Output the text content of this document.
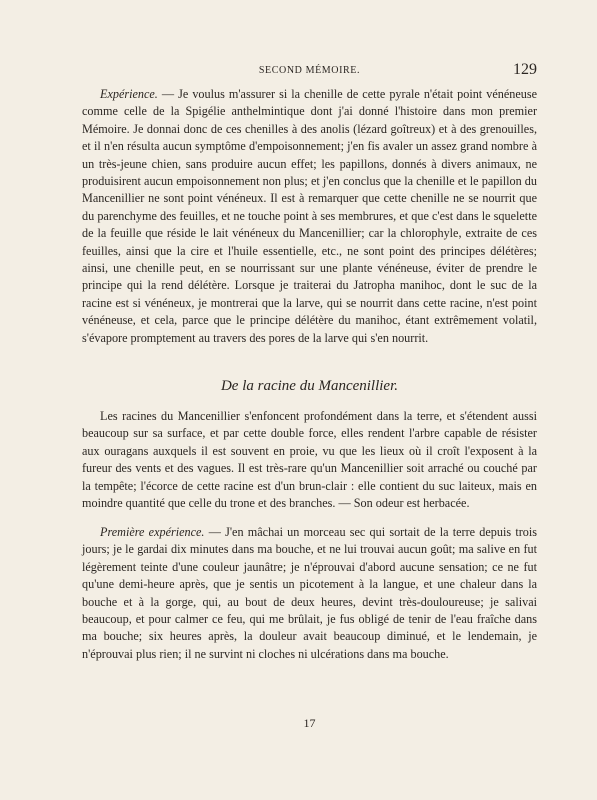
SECOND MÉMOIRE.	129

Expérience. — Je voulus m'assurer si la chenille de cette pyrale n'était point vénéneuse comme celle de la Spigélie anthelmintique dont j'ai donné l'histoire dans mon premier Mémoire. Je donnai donc de ces chenilles à des anolis (lézard goîtreux) et à des grenouilles, et il n'en résulta aucun symptôme d'empoisonnement; j'en fis avaler un assez grand nombre à un très-jeune chien, sans produire aucun effet; les papillons, donnés à divers animaux, ne produisirent aucun empoisonnement non plus; et j'en conclus que la chenille et le papillon du Mancenillier ne sont point vénéneux. Il est à remarquer que cette chenille ne se nourrit que du parenchyme des feuilles, et ne touche point à ses membrures, et que c'est dans le squelette de la feuille que réside le lait vénéneux du Mancenillier; car la chlorophyle, extraite de ces feuilles, ainsi que la cire et l'huile essentielle, etc., ne sont point des principes délétères; ainsi, une chenille peut, en se nourrissant sur une plante vénéneuse, éviter de prendre le principe qui la rend délétère. Lorsque je traiterai du Jatropha manihoc, dont le suc de la racine est si vénéneux, je montrerai que la larve, qui se nourrit dans cette racine, n'est point vénéneuse, et cela, parce que le principe délétère du manihoc, étant extrêmement volatil, s'évapore promptement au travers des pores de la larve qui s'en nourrit.

De la racine du Mancenillier.

Les racines du Mancenillier s'enfoncent profondément dans la terre, et s'étendent aussi beaucoup sur sa surface, et par cette double force, elles rendent l'arbre capable de résister aux ouragans auxquels il est souvent en proie, vu que les lieux où il croît l'exposent à la fureur des vents et des vagues. Il est très-rare qu'un Mancenillier soit arraché ou couché par la tempête; l'écorce de cette racine est d'un brun-clair : elle contient du suc laiteux, mais en moindre quantité que celle du trone et des branches. — Son odeur est herbacée.

Première expérience. — J'en mâchai un morceau sec qui sortait de la terre depuis trois jours; je le gardai dix minutes dans ma bouche, et ne lui trouvai aucun goût; ma salive en fut légèrement teinte d'une couleur jaunâtre; je n'éprouvai d'abord aucune sensation; ce ne fut qu'une demi-heure après, que je sentis un picotement à la langue, et une chaleur dans la bouche et à la gorge, qui, au bout de deux heures, devint très-douloureuse; je salivai beaucoup, et pour calmer ce feu, qui me brûlait, je fus obligé de tenir de l'eau fraîche dans ma bouche; six heures après, la douleur avait beaucoup diminué, et le lendemain, je n'éprouvai plus rien; il ne survint ni cloches ni ulcérations dans ma bouche.

17
